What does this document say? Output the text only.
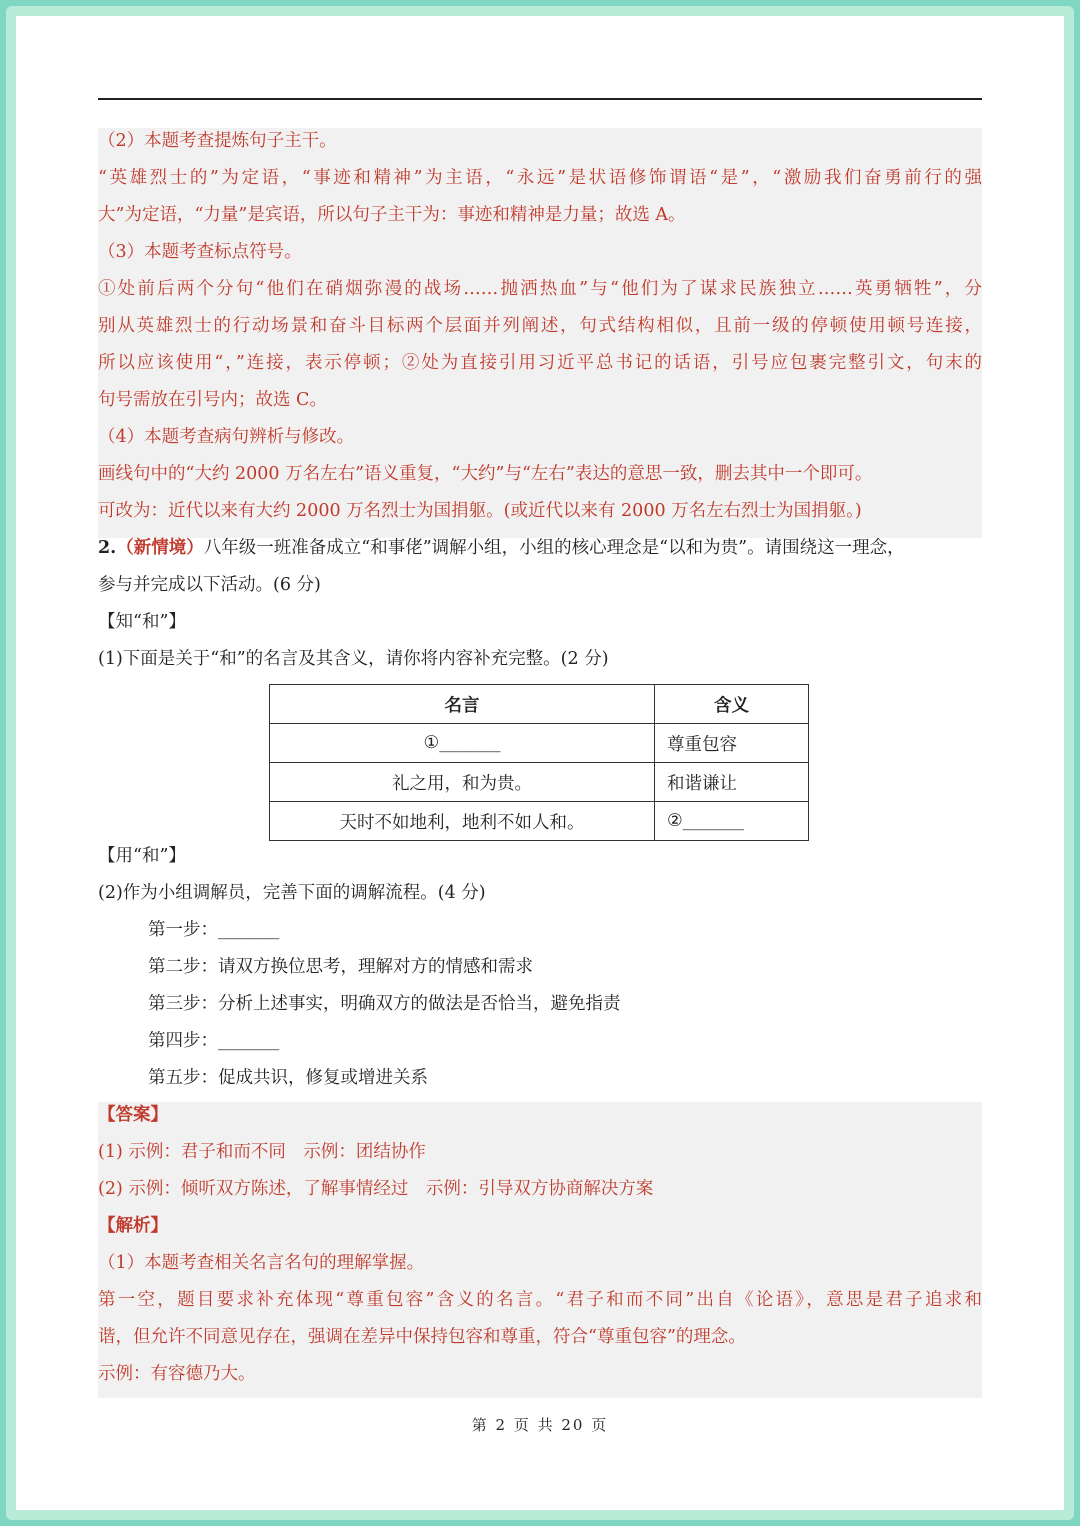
（2）本题考查提炼句子主干。
“英雄烈士的”为定语，“事迹和精神”为主语，“永远”是状语修饰谓语“是”，“激励我们奋勇前行的强
大”为定语，“力量”是宾语，所以句子主干为：事迹和精神是力量；故选 A。
（3）本题考查标点符号。
①处前后两个分句“他们在硝烟弥漫的战场……抛洒热血”与“他们为了谋求民族独立……英勇牺牲”，分
别从英雄烈士的行动场景和奋斗目标两个层面并列阐述，句式结构相似，且前一级的停顿使用顿号连接，
所以应该使用“，”连接，表示停顿；②处为直接引用习近平总书记的话语，引号应包裹完整引文，句末的
句号需放在引号内；故选 C。
（4）本题考查病句辨析与修改。
画线句中的“大约 2000 万名左右”语义重复，“大约”与“左右”表达的意思一致，删去其中一个即可。
可改为：近代以来有大约 2000 万名烈士为国捐躯。(或近代以来有 2000 万名左右烈士为国捐躯。)
2.（新情境）八年级一班准备成立“和事佬”调解小组，小组的核心理念是“以和为贵”。请围绕这一理念，
参与并完成以下活动。(6 分)
【知“和”】
(1)下面是关于“和”的名言及其含义，请你将内容补充完整。(2 分)
名言	含义
①_______	尊重包容
礼之用，和为贵。	和谐谦让
天时不如地利，地利不如人和。	②_______
【用“和”】
(2)作为小组调解员，完善下面的调解流程。(4 分)
第一步：_______
第二步：请双方换位思考，理解对方的情感和需求
第三步：分析上述事实，明确双方的做法是否恰当，避免指责
第四步：_______
第五步：促成共识，修复或增进关系
【答案】
(1) 示例：君子和而不同　示例：团结协作
(2) 示例：倾听双方陈述，了解事情经过　示例：引导双方协商解决方案
【解析】
（1）本题考查相关名言名句的理解掌握。
第一空，题目要求补充体现“尊重包容”含义的名言。“君子和而不同”出自《论语》，意思是君子追求和
谐，但允许不同意见存在，强调在差异中保持包容和尊重，符合“尊重包容”的理念。
示例：有容德乃大。
第 2 页 共 20 页
